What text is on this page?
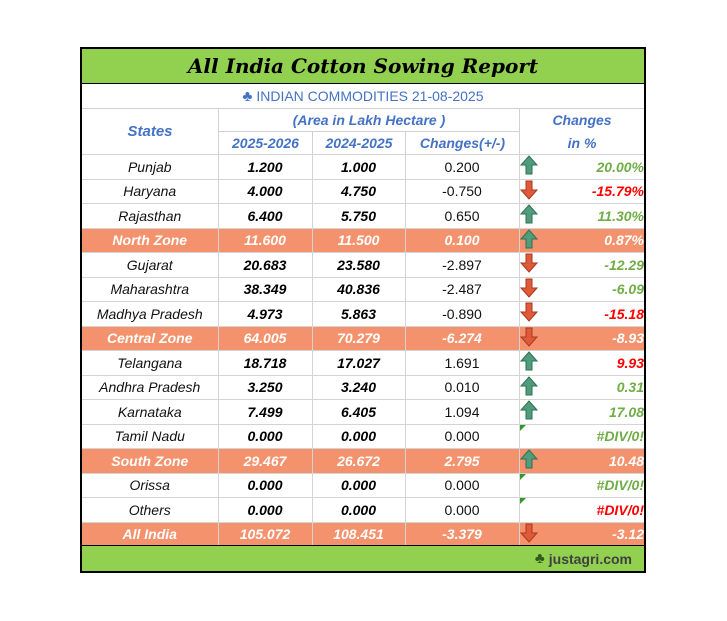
All India Cotton Sowing Report
♣ INDIAN COMMODITIES 21-08-2025
States
(Area in Lakh Hectare )
2025-2026	2024-2025	Changes(+/-)
Changes
in %
Punjab	1.200	1.000	0.200		20.00%
Haryana	4.000	4.750	-0.750		-15.79%
Rajasthan	6.400	5.750	0.650		11.30%
North Zone	11.600	11.500	0.100		0.87%
Gujarat	20.683	23.580	-2.897		-12.29
Maharashtra	38.349	40.836	-2.487		-6.09
Madhya Pradesh	4.973	5.863	-0.890		-15.18
Central Zone	64.005	70.279	-6.274		-8.93
Telangana	18.718	17.027	1.691		9.93
Andhra Pradesh	3.250	3.240	0.010		0.31
Karnataka	7.499	6.405	1.094		17.08
Tamil Nadu	0.000	0.000	0.000		#DIV/0!
South Zone	29.467	26.672	2.795		10.48
Orissa	0.000	0.000	0.000		#DIV/0!
Others	0.000	0.000	0.000		#DIV/0!
All India	105.072	108.451	-3.379		-3.12
♣ justagri.com
